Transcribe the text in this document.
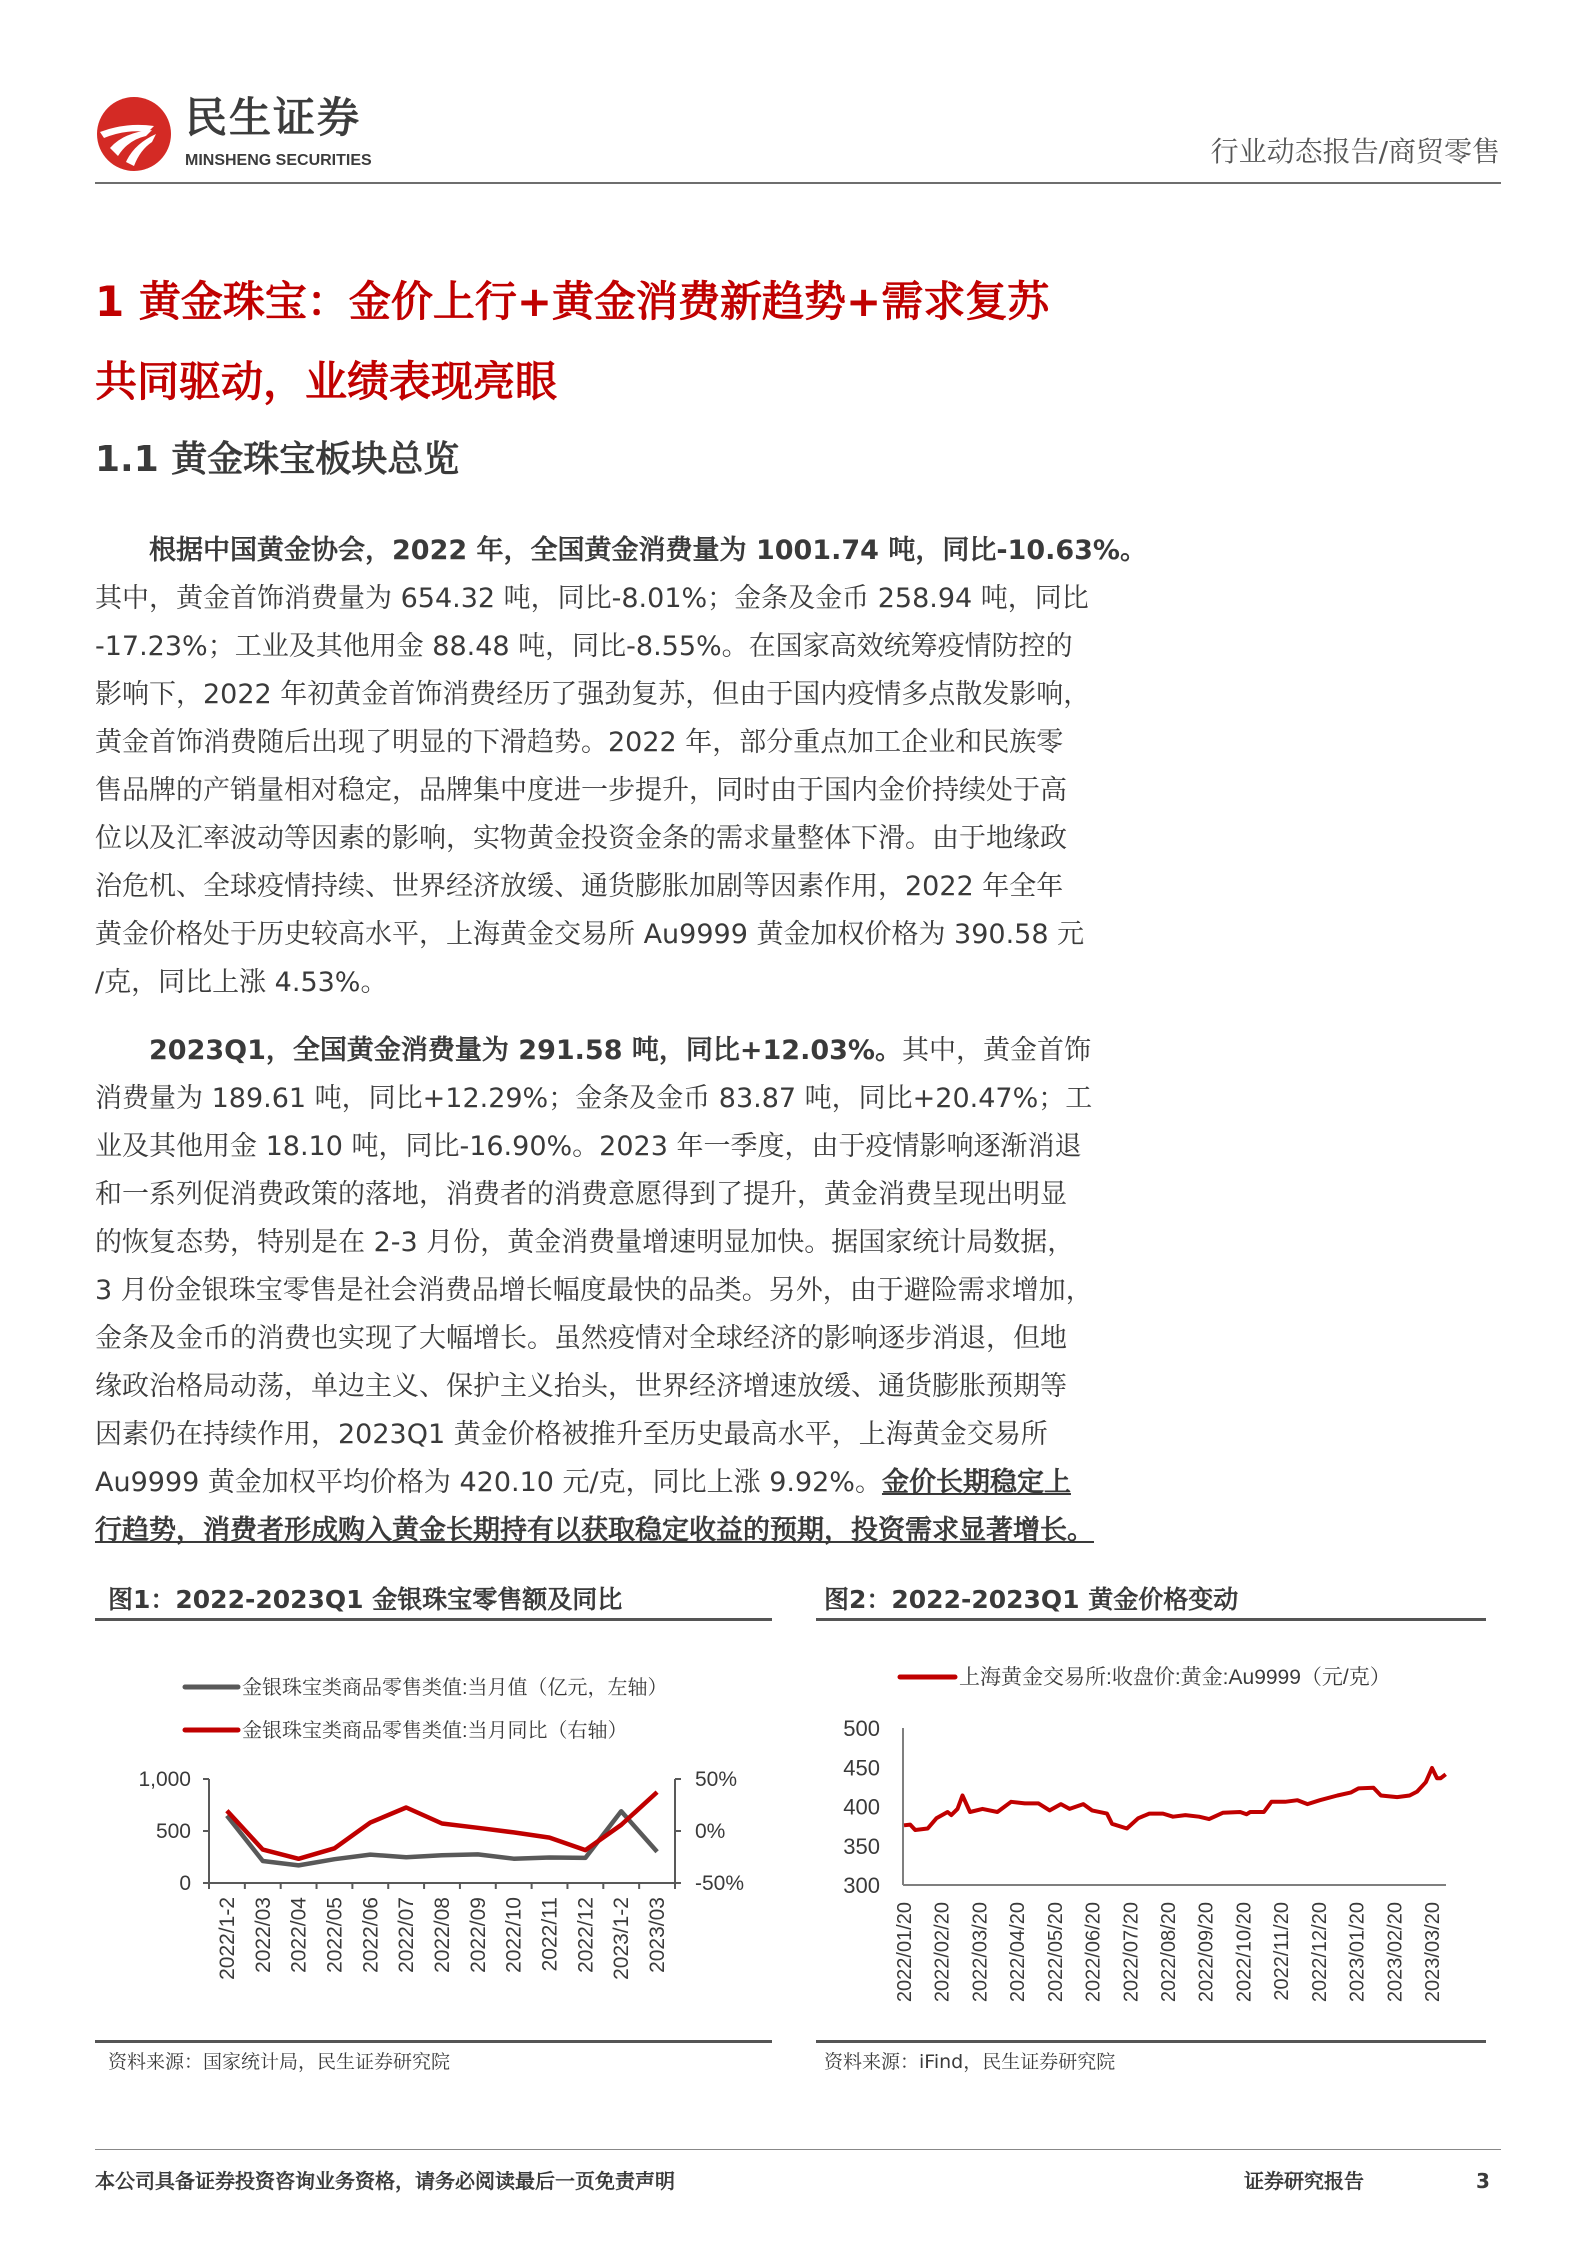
民生证券
MINSHENG SECURITIES	行业动态报告/商贸零售
1 黄金珠宝：金价上行+黄金消费新趋势+需求复苏
共同驱动，业绩表现亮眼
1.1 黄金珠宝板块总览
根据中国黄金协会，2022 年，全国黄金消费量为 1001.74 吨，同比-10.63%。
其中，黄金首饰消费量为 654.32 吨，同比-8.01%；金条及金币 258.94 吨，同比
-17.23%；工业及其他用金 88.48 吨，同比-8.55%。在国家高效统筹疫情防控的
影响下，2022 年初黄金首饰消费经历了强劲复苏，但由于国内疫情多点散发影响，
黄金首饰消费随后出现了明显的下滑趋势。2022 年，部分重点加工企业和民族零
售品牌的产销量相对稳定，品牌集中度进一步提升，同时由于国内金价持续处于高
位以及汇率波动等因素的影响，实物黄金投资金条的需求量整体下滑。由于地缘政
治危机、全球疫情持续、世界经济放缓、通货膨胀加剧等因素作用，2022 年全年
黄金价格处于历史较高水平，上海黄金交易所 Au9999 黄金加权价格为 390.58 元
/克，同比上涨 4.53%。
2023Q1，全国黄金消费量为 291.58 吨，同比+12.03%。其中，黄金首饰
消费量为 189.61 吨，同比+12.29%；金条及金币 83.87 吨，同比+20.47%；工
业及其他用金 18.10 吨，同比-16.90%。2023 年一季度，由于疫情影响逐渐消退
和一系列促消费政策的落地，消费者的消费意愿得到了提升，黄金消费呈现出明显
的恢复态势，特别是在 2-3 月份，黄金消费量增速明显加快。据国家统计局数据，
3 月份金银珠宝零售是社会消费品增长幅度最快的品类。另外，由于避险需求增加，
金条及金币的消费也实现了大幅增长。虽然疫情对全球经济的影响逐步消退，但地
缘政治格局动荡，单边主义、保护主义抬头，世界经济增速放缓、通货膨胀预期等
因素仍在持续作用，2023Q1 黄金价格被推升至历史最高水平，上海黄金交易所
Au9999 黄金加权平均价格为 420.10 元/克，同比上涨 9.92%。金价长期稳定上
行趋势，消费者形成购入黄金长期持有以获取稳定收益的预期，投资需求显著增长。
图1：2022-2023Q1 金银珠宝零售额及同比
资料来源：国家统计局，民生证券研究院
图2：2022-2023Q1 黄金价格变动
资料来源：iFind，民生证券研究院
0
500
1,000
-50%
0%
50%
2022/1-2 2022/03 2022/04 2022/05 2022/06 2022/07 2022/08 2022/09 2022/10 2022/11 2022/12 2023/1-2 2023/03
金银珠宝类商品零售类值:当月值（亿元，左轴）
金银珠宝类商品零售类值:当月同比（右轴）
300
350
400
450
500
2022/01/20 2022/02/20 2022/03/20 2022/04/20 2022/05/20 2022/06/20 2022/07/20 2022/08/20 2022/09/20 2022/10/20 2022/11/20 2022/12/20 2023/01/20 2023/02/20 2023/03/20
上海黄金交易所:收盘价:黄金:Au9999（元/克）
本公司具备证券投资咨询业务资格，请务必阅读最后一页免责声明	证券研究报告	3
